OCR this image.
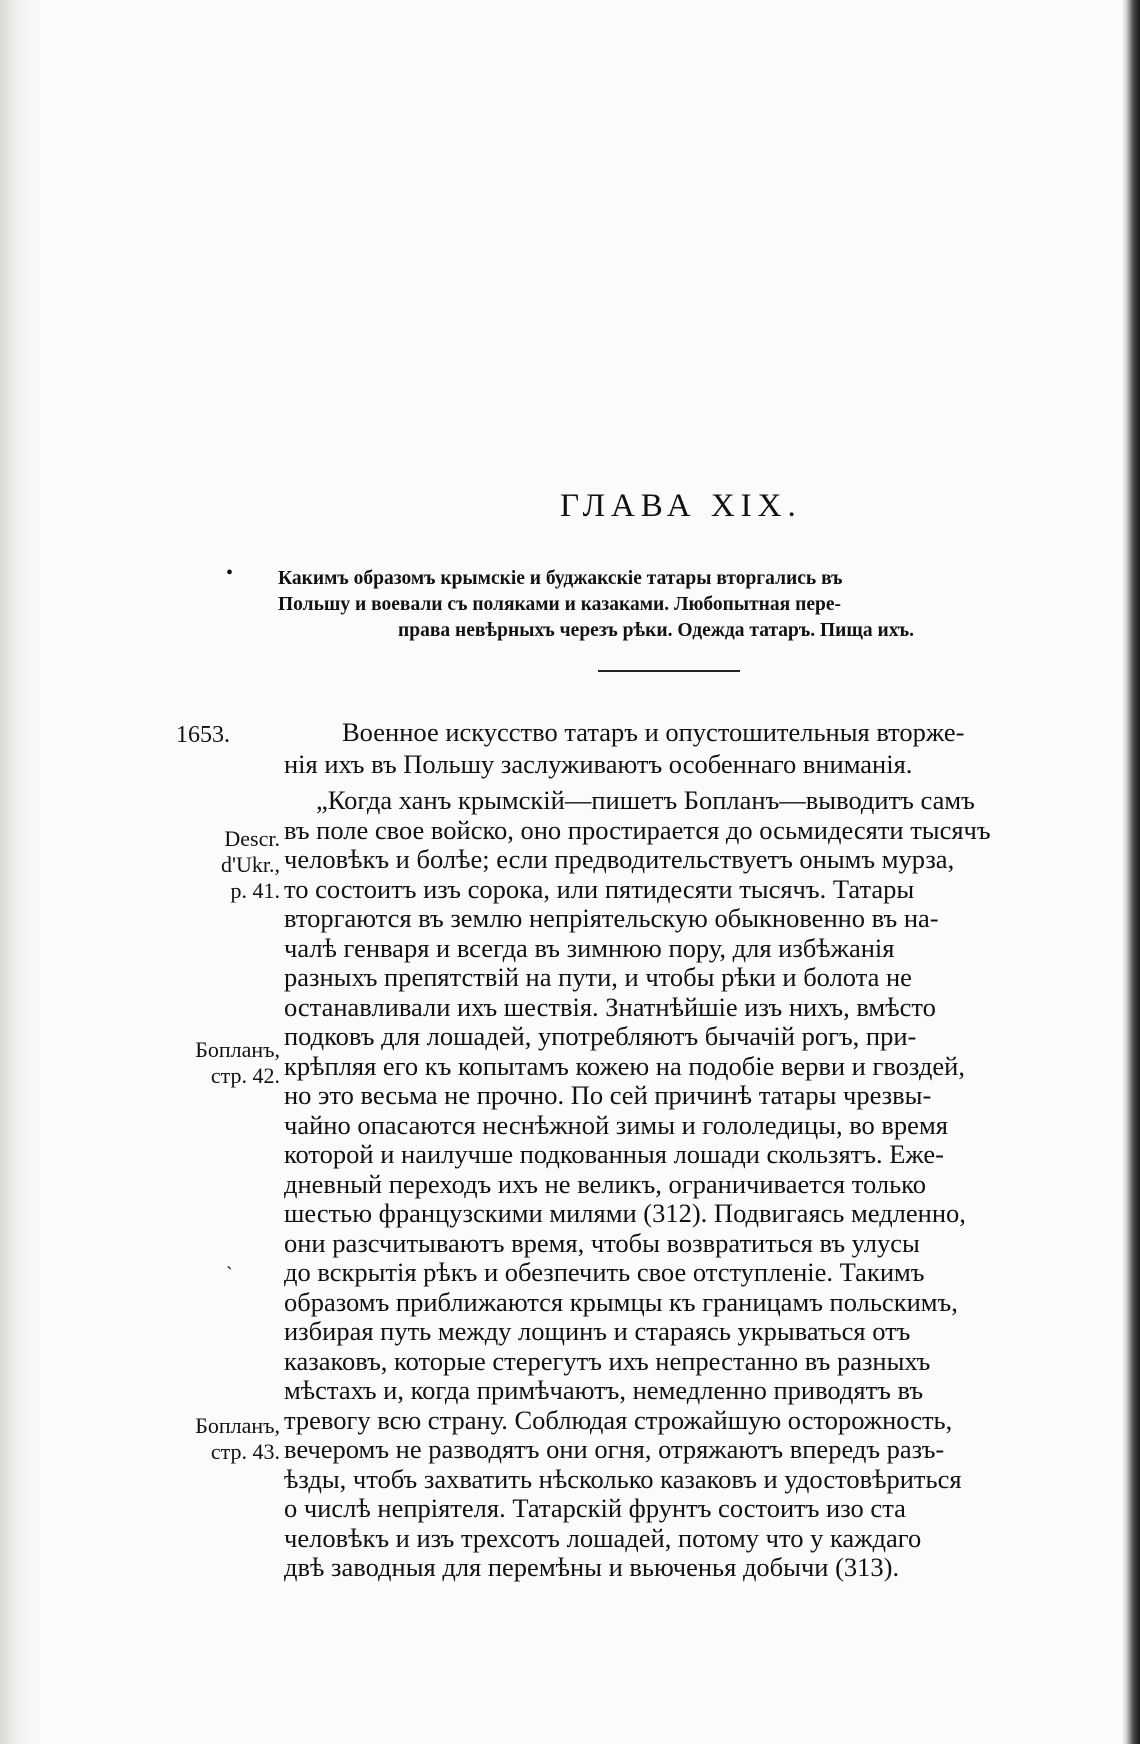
ГЛАВА XIX.
• Какимъ образомъ крымскіе и буджакскіе татары вторгались въ
Польшу и воевали съ поляками и казаками. Любопытная пере-
права невѣрныхъ черезъ рѣки. Одежда татаръ. Пища ихъ.
1653.	Военное искусство татаръ и опустошительныя вторже-
нія ихъ въ Польшу заслуживаютъ особеннаго вниманія.
„Когда ханъ крымскій—пишетъ Бопланъ—выводитъ самъ
въ поле свое войско, оно простирается до осьмидесяти тысячъ
человѣкъ и болѣе; если предводительствуетъ онымъ мурза,
то состоитъ изъ сорока, или пятидесяти тысячъ. Татары
вторгаются въ землю непріятельскую обыкновенно въ на-
чалѣ генваря и всегда въ зимнюю пору, для избѣжанія
разныхъ препятствій на пути, и чтобы рѣки и болота не
останавливали ихъ шествія. Знатнѣйшіе изъ нихъ, вмѣсто
подковъ для лошадей, употребляютъ бычачій рогъ, при-
крѣпляя его къ копытамъ кожею на подобіе верви и гвоздей,
но это весьма не прочно. По сей причинѣ татары чрезвы-
чайно опасаются неснѣжной зимы и гололедицы, во время
которой и наилучше подкованныя лошади скользятъ. Еже-
дневный переходъ ихъ не великъ, ограничивается только
шестью французскими милями (312). Подвигаясь медленно,
они разсчитываютъ время, чтобы возвратиться въ улусы
до вскрытія рѣкъ и обезпечить свое отступленіе. Такимъ
образомъ приближаются крымцы къ границамъ польскимъ,
избирая путь между лощинъ и стараясь укрываться отъ
казаковъ, которые стерегутъ ихъ непрестанно въ разныхъ
мѣстахъ и, когда примѣчаютъ, немедленно приводятъ въ
тревогу всю страну. Соблюдая строжайшую осторожность,
вечеромъ не разводятъ они огня, отряжаютъ впередъ разъ-
ѣзды, чтобъ захватить нѣсколько казаковъ и удостовѣриться
о числѣ непріятеля. Татарскій фрунтъ состоитъ изо ста
человѣкъ и изъ трехсотъ лошадей, потому что у каждаго
двѣ заводныя для перемѣны и вьюченья добычи (313).
Descr.
d'Ukr.,
p. 41.
Бопланъ,
стр. 42.
Бопланъ,
стр. 43.
ˎ
